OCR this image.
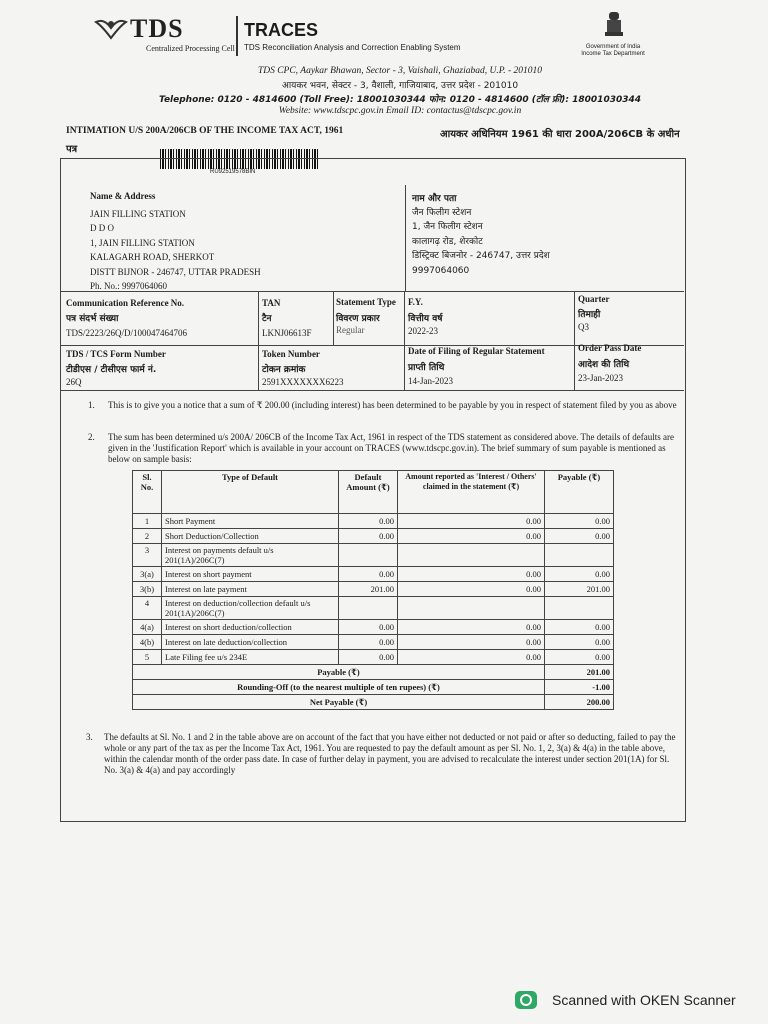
TDS
Centralized Processing Cell
TRACES
TDS Reconciliation Analysis and Correction Enabling System	Government of India
Income Tax Department
TDS CPC, Aaykar Bhawan, Sector - 3, Vaishali, Ghaziabad, U.P. - 201010
आयकर भवन, सेक्टर - 3, वैशाली, गाजियाबाद, उत्तर प्रदेश - 201010
Telephone: 0120 - 4814600 (Toll Free): 18001030344 फोन: 0120 - 4814600 (टॉल फ्री): 18001030344
Website: www.tdscpc.gov.in Email ID: contactus@tdscpc.gov.in
INTIMATION U/S 200A/206CB OF THE INCOME TAX ACT, 1961	आयकर अधिनियम 1961 की धारा 200A/206CB के अधीन
पत्र
RU92519578BIN
Name & Address
JAIN FILLING STATION
D D O
1, JAIN FILLING STATION
KALAGARH ROAD, SHERKOT
DISTT BIJNOR - 246747, UTTAR PRADESH
Ph. No.: 9997064060
नाम और पता
जैन फिलीग स्टेशन
1, जैन फिलीग स्टेशन
कालागढ़ रोड, शेरकोट
डिस्ट्रिक्ट बिजनोर - 246747, उत्तर प्रदेश
9997064060
Communication Reference No.
पत्र संदर्भ संख्या
TDS/2223/26Q/D/100047464706
TAN
टैन
LKNJ06613F
Statement Type
विवरण प्रकार
Regular
F.Y.
वित्तीय वर्ष
2022-23
Quarter
तिमाही
Q3
TDS / TCS Form Number
टीडीएस / टीसीएस फार्म नं.
26Q
Token Number
टोकन क्रमांक
2591XXXXXXX6223
Date of Filing of Regular Statement
प्राप्ती तिथि
14-Jan-2023
Order Pass Date
आदेश की तिथि
23-Jan-2023
1. This is to give you a notice that a sum of ₹ 200.00 (including interest) has been determined to be payable by you in respect of statement filed by you as above
2. The sum has been determined u/s 200A/ 206CB of the Income Tax Act, 1961 in respect of the TDS statement as considered above. The details of defaults are given in the 'Justification Report' which is available in your account on TRACES (www.tdscpc.gov.in). The brief summary of sum payable is mentioned as below on sample basis:
Sl. No.	Type of Default	Default Amount (₹)	Amount reported as 'Interest / Others' claimed in the statement (₹)	Payable (₹)
1	Short Payment	0.00	0.00	0.00
2	Short Deduction/Collection	0.00	0.00	0.00
3	Interest on payments default u/s 201(1A)/206C(7)			
3(a)	Interest on short payment	0.00	0.00	0.00
3(b)	Interest on late payment	201.00	0.00	201.00
4	Interest on deduction/collection default u/s 201(1A)/206C(7)			
4(a)	Interest on short deduction/collection	0.00	0.00	0.00
4(b)	Interest on late deduction/collection	0.00	0.00	0.00
5	Late Filing fee u/s 234E	0.00	0.00	0.00
Payable (₹)				201.00
Rounding-Off (to the nearest multiple of ten rupees) (₹)				-1.00
Net Payable (₹)				200.00
3. The defaults at Sl. No. 1 and 2 in the table above are on account of the fact that you have either not deducted or not paid or after so deducting, failed to pay the whole or any part of the tax as per the Income Tax Act, 1961. You are requested to pay the default amount as per Sl. No. 1, 2, 3(a) & 4(a) in the table above, within the calendar month of the order pass date. In case of further delay in payment, you are advised to recalculate the interest under section 201(1A) for Sl. No. 3(a) & 4(a) and pay accordingly
Scanned with OKEN Scanner
